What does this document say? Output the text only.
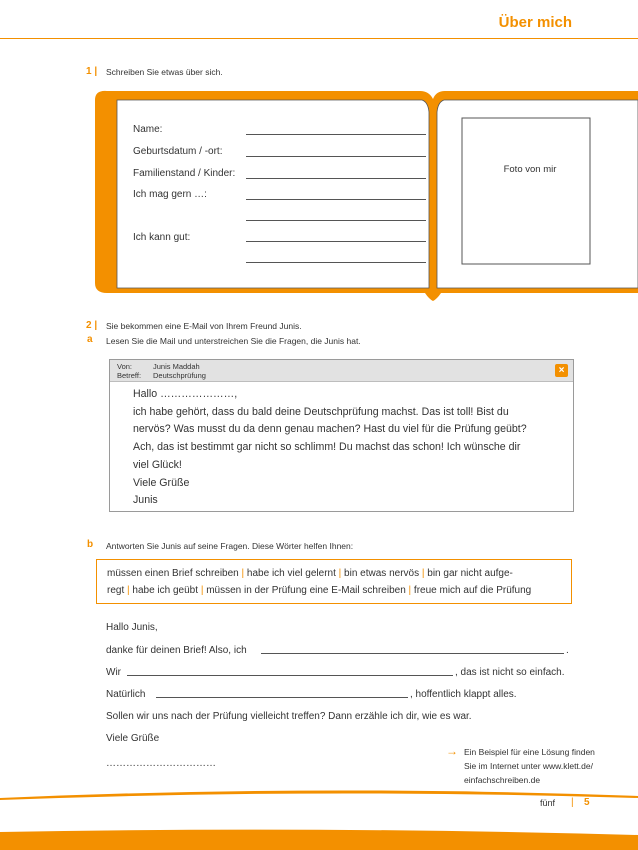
Über mich
1 | Schreiben Sie etwas über sich.
Name:
Geburtsdatum / -ort:
Familienstand / Kinder:
Ich mag gern …:
Ich kann gut:
Foto von mir
2 | Sie bekommen eine E-Mail von Ihrem Freund Junis.
a Lesen Sie die Mail und unterstreichen Sie die Fragen, die Junis hat.
Von:	Junis Maddah
Betreff: Deutschprüfung	×
Hallo …………………,
ich habe gehört, dass du bald deine Deutschprüfung machst. Das ist toll! Bist du
nervös? Was musst du da denn genau machen? Hast du viel für die Prüfung geübt?
Ach, das ist bestimmt gar nicht so schlimm! Du machst das schon! Ich wünsche dir
viel Glück!
Viele Grüße
Junis
b Antworten Sie Junis auf seine Fragen. Diese Wörter helfen Ihnen:
müssen einen Brief schreiben | habe ich viel gelernt | bin etwas nervös | bin gar nicht aufge-
regt | habe ich geübt | müssen in der Prüfung eine E-Mail schreiben | freue mich auf die Prüfung
Hallo Junis,
danke für deinen Brief! Also, ich	.
Wir	, das ist nicht so einfach.
Natürlich	, hoffentlich klappt alles.
Sollen wir uns nach der Prüfung vielleicht treffen? Dann erzähle ich dir, wie es war.
Viele Grüße
……………………………
→ Ein Beispiel für eine Lösung finden
Sie im Internet unter www.klett.de/
einfachschreiben.de
fünf | 5
